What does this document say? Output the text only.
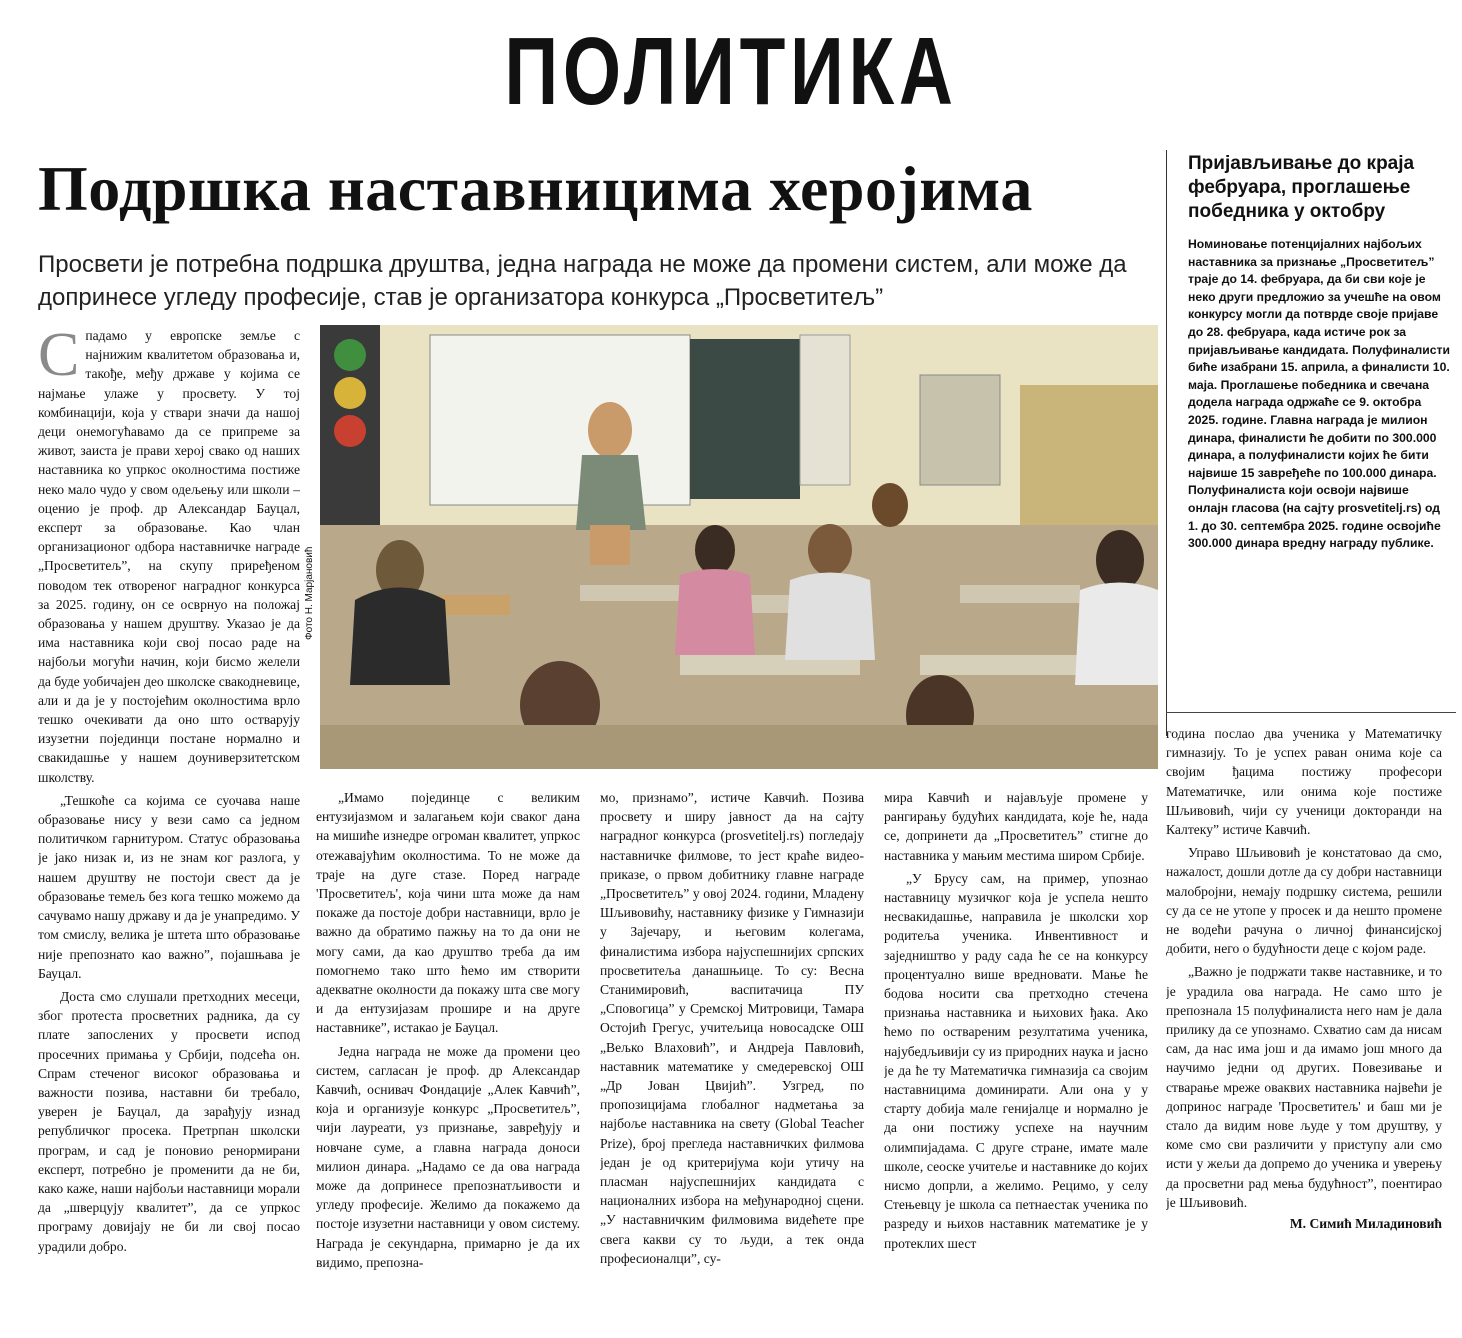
ПОЛИТИКА
Подршка наставницима херојима
Просвети је потребна подршка друштва, једна награда не може да промени систем, али може да допринесе угледу професије, став је организатора конкурса „Просветитељ”
Пријављивање до краја фебруара, проглашење победника у октобру
Номиновање потенцијалних најбољих наставника за признање „Просветитељ” траје до 14. фебруара, да би сви које је неко други предложио за учешће на овом конкурсу могли да потврде своје пријаве до 28. фебруара, када истиче рок за пријављивање кандидата. Полуфиналисти биће изабрани 15. априла, а финалисти 10. маја. Проглашење победника и свечана додела награда одржаће се 9. октобра 2025. године. Главна награда је милион динара, финалисти ће добити по 300.000 динара, а полуфиналисти којих ће бити највише 15 завређеће по 100.000 динара. Полуфиналиста који освоји највише онлајн гласова (на сајту prosvetitelj.rs) од 1. до 30. септембра 2025. године освојиће 300.000 динара вредну награду публике.
Фото Н. Марјановић

Спадамо у европске земље с најнижим квалитетом образовања и, такође, међу државе у којима се најмање улаже у просвету. У тој комбинацији, која у ствари значи да нашој деци онемогућавамо да се припреме за живот, заиста је прави херој свако од наших наставника ко упркос околностима постиже неко мало чудо у свом одељењу или школи – оценио је проф. др Александар Бауцал, експерт за образовање. Као члан организационог одбора наставничке награде „Просветитељ”, на скупу приређеном поводом тек отвореног наградног конкурса за 2025. годину, он се осврнуо на положај образовања у нашем друштву. Указао је да има наставника који свој посао раде на најбољи могући начин, који бисмо желели да буде уобичајен део школске свакодневице, али и да је у постојећим околностима врло тешко очекивати да оно што остварују изузетни појединци постане нормално и свакидашње у нашем доуниверзитетском школству.

„Тешкоће са којима се суочава наше образовање нису у вези само са једном политичком гарнитуром. Статус образовања је јако низак и, из не знам ког разлога, у нашем друштву не постоји свест да је образовање темељ без кога тешко можемо да сачувамо нашу државу и да је унапредимо. У том смислу, велика је штета што образовање није препознато као важно”, појашњава је Бауцал.

Доста смо слушали претходних месеци, због протеста просветних радника, да су плате запослених у просвети испод просечних примања у Србији, подсећа он. Спрам стеченог високог образовања и важности позива, наставни би требало, уверен је Бауцал, да зарађују изнад републичког просека. Претрпан школски програм, и сад је поновио ренормирани експерт, потребно је променити да не би, како каже, наши најбољи наставници морали да „шверцују квалитет”, да се упркос програму довијају не би ли свој посао урадили добро.

„Имамо појединце с великим ентузијазмом и залагањем који сваког дана на мишиће изнедре огроман квалитет, упркос отежавајућим околностима. То не може да траје на дуге стазе. Поред награде 'Просветитељ', која чини шта може да нам покаже да постоје добри наставници, врло је важно да обратимо пажњу на то да они не могу сами, да као друштво треба да им помогнемо тако што ћемо им створити адекватне околности да покажу шта све могу и да ентузијазам прошире и на друге наставнике”, истакао је Бауцал.

Једна награда не може да промени цео систем, сагласан је проф. др Александар Кавчић, оснивач Фондације „Алек Кавчић”, која и организује конкурс „Просветитељ”, чији лауреати, уз признање, завређују и новчане суме, а главна награда доноси милион динара. „Надамо се да ова награда може да допринесе препознатљивости и угледу професије. Желимо да покажемо да постоје изузетни наставници у овом систему. Награда је секундарна, примарно је да их видимо, препозна-

мо, признамо”, истиче Кавчић. Позива просвету и ширу јавност да на сајту наградног конкурса (prosvetitelj.rs) погледају наставничке филмове, то јест краће видео-приказе, о првом добитнику главне награде „Просветитељ” у овој 2024. години, Младену Шљивовићу, наставнику физике у Гимназији у Зајечару, и његовим колегама, финалистима избора најуспешнијих српских просветитеља данашњице. То су: Весна Станимировић, васпитачица ПУ „Сповогица” у Сремској Митровици, Тамара Остојић Грегус, учитељица новосадске ОШ „Вељко Влаховић”, и Андреја Павловић, наставник математике у смедеревској ОШ „Др Јован Цвијић”. Узгред, по пропозицијама глобалног надметања за најбоље наставника на свету (Global Teacher Prize), број прегледа наставничких филмова један је од критеријума који утичу на пласман најуспешнијих кандидата с националних избора на међународној сцени. „У наставничким филмовима видећете пре свега какви су то људи, а тек онда професионалци”, су-

мира Кавчић и најављује промене у рангирању будућих кандидата, које ће, нада се, допринети да „Просветитељ” стигне до наставника у мањим местима широм Србије.

„У Брусу сам, на пример, упознао наставницу музичког која је успела нешто несвакидашње, направила је школски хор родитеља ученика. Инвентивност и заједништво у раду сада ће се на конкурсу процентуално више вредновати. Мање ће бодова носити сва претходно стечена признања наставника и њихових ђака. Ако ћемо по оствареним резултатима ученика, најубедљивији су из природних наука и јасно је да ће ту Математичка гимназија са својим наставницима доминирати. Али она у у старту добија мале генијалце и нормално је да они постижу успехе на научним олимпијадама. С друге стране, имате мале школе, сеоске учитеље и наставнике до којих нисмо допрли, а желимо. Рецимо, у селу Стењевцу је школа са петнаестак ученика по разреду и њихов наставник математике је у протеклих шест

година послао два ученика у Математичку гимназију. То је успех раван онима које са својим ђацима постижу професори Математичке, или онима које постиже Шљивовић, чији су ученици докторанди на Калтеку” истиче Кавчић.

Управо Шљивовић је констатовао да смо, нажалост, дошли дотле да су добри наставници малобројни, немају подршку система, решили су да се не утопе у просек и да нешто промене не водећи рачуна о личној финансијској добити, него о будућности деце с којом раде.

„Важно је подржати такве наставнике, и то је урадила ова награда. Не само што је препознала 15 полуфиналиста него нам је дала прилику да се упознамо. Схватио сам да нисам сам, да нас има још и да имамо још много да научимо једни од других. Повезивање и стварање мреже оваквих наставника највећи је допринос награде 'Просветитељ' и баш ми је стало да видим нове људе у том друштву, у коме смо сви различити у приступу али смо исти у жељи да допремо до ученика и уверењу да просветни рад мења будућност”, поентирао је Шљивовић.

М. Симић Миладиновић
